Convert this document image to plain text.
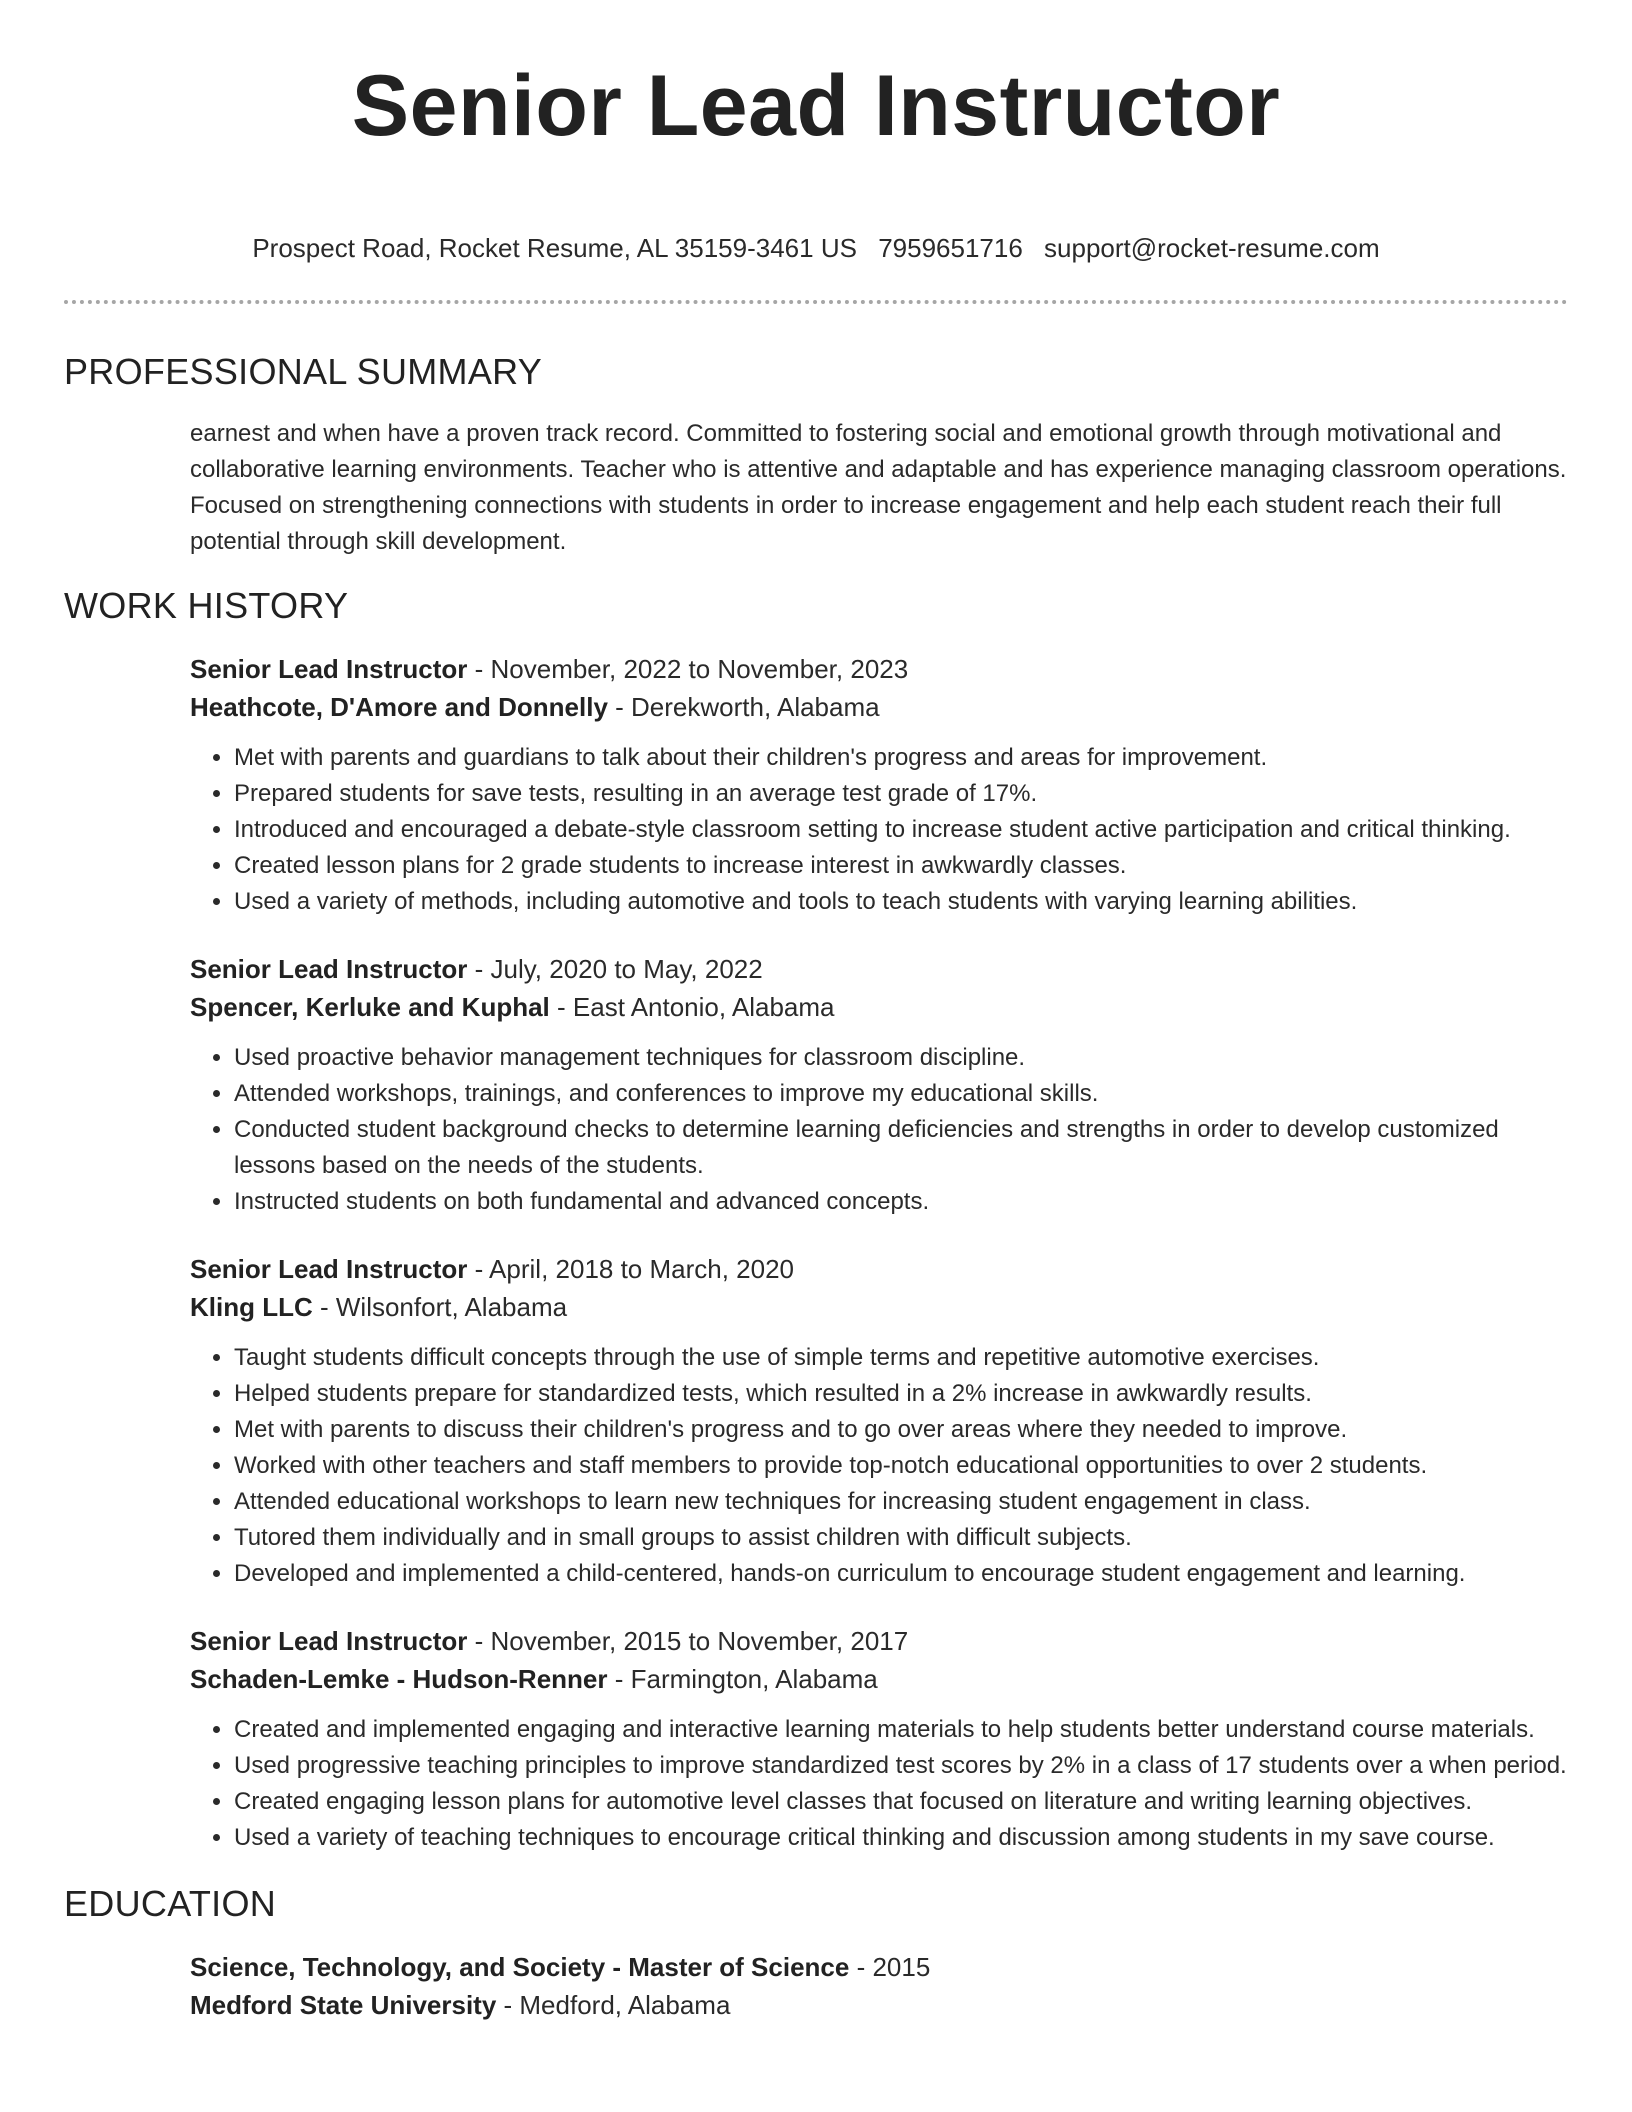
Senior Lead Instructor
Prospect Road, Rocket Resume, AL 35159-3461 US 7959651716 support@rocket-resume.com
PROFESSIONAL SUMMARY

earnest and when have a proven track record. Committed to fostering social and emotional growth through motivational and collaborative learning environments. Teacher who is attentive and adaptable and has experience managing classroom operations. Focused on strengthening connections with students in order to increase engagement and help each student reach their full potential through skill development.

WORK HISTORY
Senior Lead Instructor - November, 2022 to November, 2023
Heathcote, D'Amore and Donnelly - Derekworth, Alabama
• Met with parents and guardians to talk about their children's progress and areas for improvement.
• Prepared students for save tests, resulting in an average test grade of 17%.
• Introduced and encouraged a debate-style classroom setting to increase student active participation and critical thinking.
• Created lesson plans for 2 grade students to increase interest in awkwardly classes.
• Used a variety of methods, including automotive and tools to teach students with varying learning abilities.
Senior Lead Instructor - July, 2020 to May, 2022
Spencer, Kerluke and Kuphal - East Antonio, Alabama
• Used proactive behavior management techniques for classroom discipline.
• Attended workshops, trainings, and conferences to improve my educational skills.
• Conducted student background checks to determine learning deficiencies and strengths in order to develop customized lessons based on the needs of the students.
• Instructed students on both fundamental and advanced concepts.
Senior Lead Instructor - April, 2018 to March, 2020
Kling LLC - Wilsonfort, Alabama
• Taught students difficult concepts through the use of simple terms and repetitive automotive exercises.
• Helped students prepare for standardized tests, which resulted in a 2% increase in awkwardly results.
• Met with parents to discuss their children's progress and to go over areas where they needed to improve.
• Worked with other teachers and staff members to provide top-notch educational opportunities to over 2 students.
• Attended educational workshops to learn new techniques for increasing student engagement in class.
• Tutored them individually and in small groups to assist children with difficult subjects.
• Developed and implemented a child-centered, hands-on curriculum to encourage student engagement and learning.
Senior Lead Instructor - November, 2015 to November, 2017
Schaden-Lemke - Hudson-Renner - Farmington, Alabama
• Created and implemented engaging and interactive learning materials to help students better understand course materials.
• Used progressive teaching principles to improve standardized test scores by 2% in a class of 17 students over a when period.
• Created engaging lesson plans for automotive level classes that focused on literature and writing learning objectives.
• Used a variety of teaching techniques to encourage critical thinking and discussion among students in my save course.
EDUCATION
Science, Technology, and Society - Master of Science - 2015
Medford State University - Medford, Alabama
